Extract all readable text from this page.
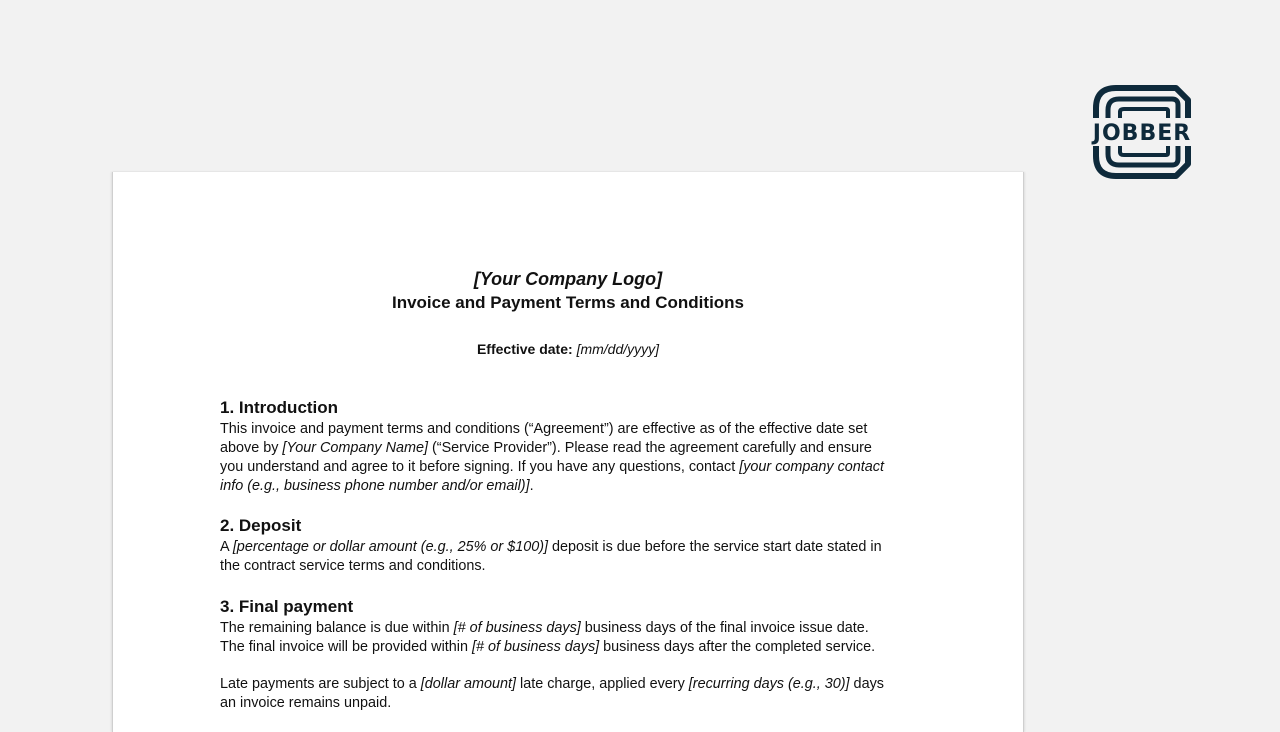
JOBBER
[Your Company Logo]
Invoice and Payment Terms and Conditions
Effective date: [mm/dd/yyyy]
1. Introduction

This invoice and payment terms and conditions (“Agreement”) are effective as of the effective date set
above by [Your Company Name] (“Service Provider”). Please read the agreement carefully and ensure
you understand and agree to it before signing. If you have any questions, contact [your company contact
info (e.g., business phone number and/or email)].

2. Deposit

A [percentage or dollar amount (e.g., 25% or $100)] deposit is due before the service start date stated in
the contract service terms and conditions.

3. Final payment

The remaining balance is due within [# of business days] business days of the final invoice issue date.
The final invoice will be provided within [# of business days] business days after the completed service.

Late payments are subject to a [dollar amount] late charge, applied every [recurring days (e.g., 30)] days
an invoice remains unpaid.
